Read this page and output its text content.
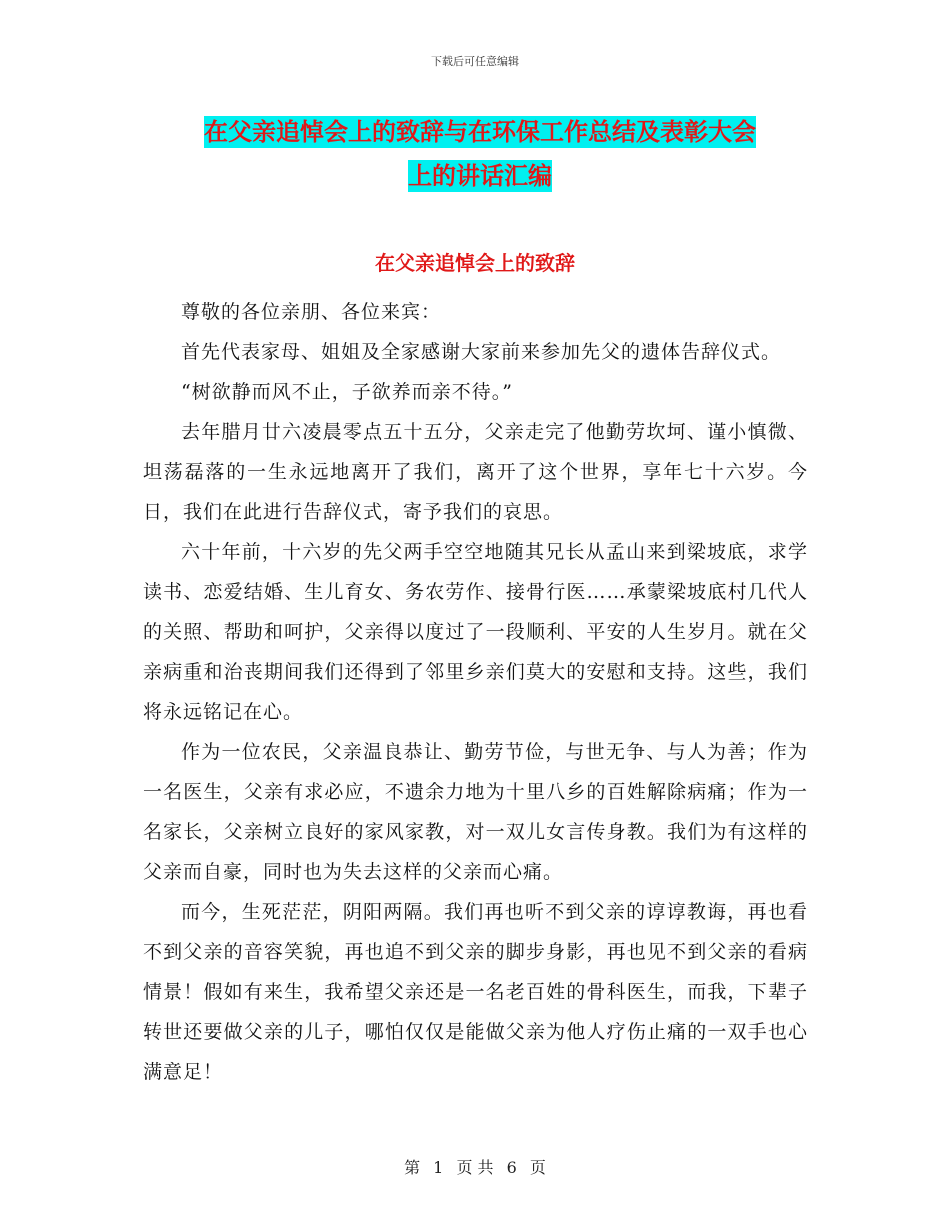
下载后可任意编辑
在父亲追悼会上的致辞与在环保工作总结及表彰大会
上的讲话汇编
在父亲追悼会上的致辞

尊敬的各位亲朋、各位来宾：

首先代表家母、姐姐及全家感谢大家前来参加先父的遗体告辞仪式。

“树欲静而风不止，子欲养而亲不待。”

去年腊月廿六凌晨零点五十五分，父亲走完了他勤劳坎坷、谨小慎微、坦荡磊落的一生永远地离开了我们，离开了这个世界，享年七十六岁。今日，我们在此进行告辞仪式，寄予我们的哀思。

六十年前，十六岁的先父两手空空地随其兄长从孟山来到梁坡底，求学读书、恋爱结婚、生儿育女、务农劳作、接骨行医……承蒙梁坡底村几代人的关照、帮助和呵护，父亲得以度过了一段顺利、平安的人生岁月。就在父亲病重和治丧期间我们还得到了邻里乡亲们莫大的安慰和支持。这些，我们将永远铭记在心。

作为一位农民，父亲温良恭让、勤劳节俭，与世无争、与人为善；作为一名医生，父亲有求必应，不遗余力地为十里八乡的百姓解除病痛；作为一名家长，父亲树立良好的家风家教，对一双儿女言传身教。我们为有这样的父亲而自豪，同时也为失去这样的父亲而心痛。

而今，生死茫茫，阴阳两隔。我们再也听不到父亲的谆谆教诲，再也看不到父亲的音容笑貌，再也追不到父亲的脚步身影，再也见不到父亲的看病情景！假如有来生，我希望父亲还是一名老百姓的骨科医生，而我，下辈子转世还要做父亲的儿子，哪怕仅仅是能做父亲为他人疗伤止痛的一双手也心满意足！

第 1 页 共 6 页
